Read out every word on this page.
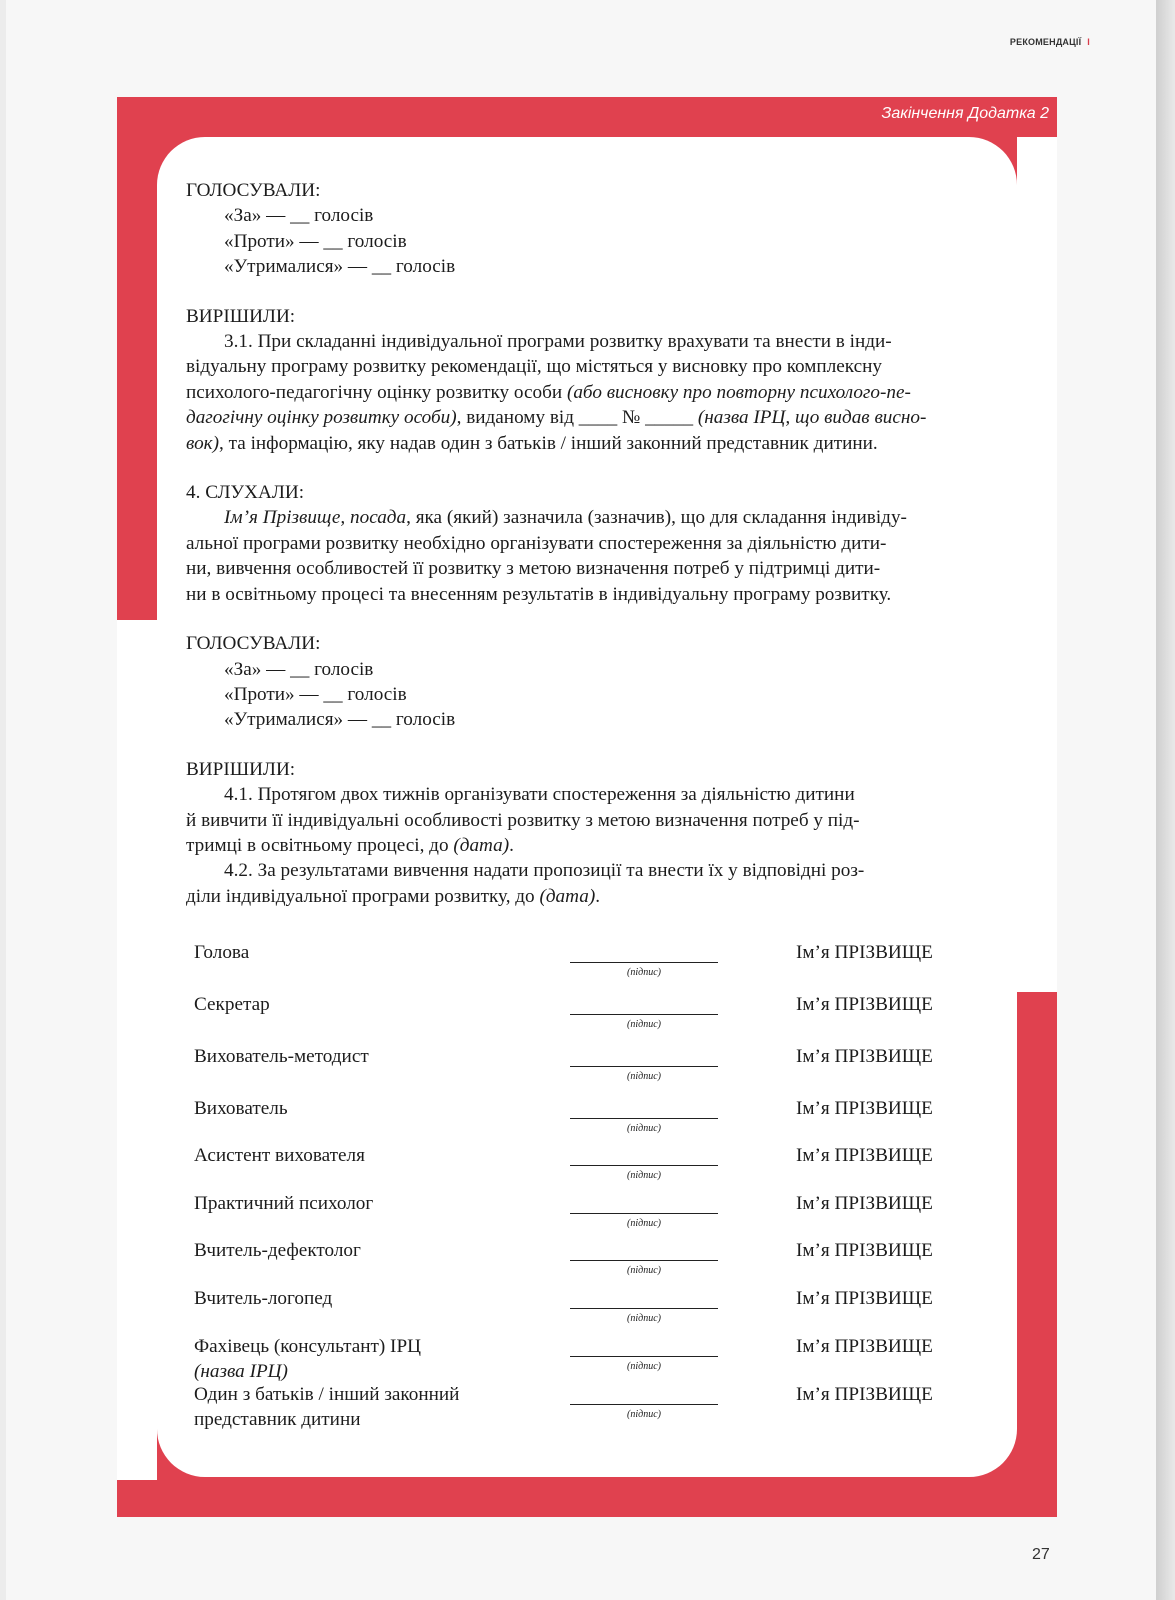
РЕКОМЕНДАЦІЇ I
Закінчення Додатка 2

ГОЛОСУВАЛИ:

«За» — __ голосів

«Проти» — __ голосів

«Утрималися» — __ голосів

ВИРІШИЛИ:

3.1. При складанні індивідуальної програми розвитку врахувати та внести в інди-

відуальну програму розвитку рекомендації, що містяться у висновку про комплексну

психолого-педагогічну оцінку розвитку особи (або висновку про повторну психолого-пе-

дагогічну оцінку розвитку особи), виданому від ____ № _____ (назва ІРЦ, що видав висно-

вок), та інформацію, яку надав один з батьків / інший законний представник дитини.

4. СЛУХАЛИ:

Ім’я Прізвище, посада, яка (який) зазначила (зазначив), що для складання індивіду-

альної програми розвитку необхідно організувати спостереження за діяльністю дити-

ни, вивчення особливостей її розвитку з метою визначення потреб у підтримці дити-

ни в освітньому процесі та внесенням результатів в індивідуальну програму розвитку.

ГОЛОСУВАЛИ:

«За» — __ голосів

«Проти» — __ голосів

«Утрималися» — __ голосів

ВИРІШИЛИ:

4.1. Протягом двох тижнів організувати спостереження за діяльністю дитини

й вивчити її індивідуальні особливості розвитку з метою визначення потреб у під-

тримці в освітньому процесі, до (дата).

4.2. За результатами вивчення надати пропозиції та внести їх у відповідні роз-

діли індивідуальної програми розвитку, до (дата).

Голова
(підпис)
Ім’я ПРІЗВИЩЕ
Секретар
(підпис)
Ім’я ПРІЗВИЩЕ
Вихователь-методист
(підпис)
Ім’я ПРІЗВИЩЕ
Вихователь
(підпис)
Ім’я ПРІЗВИЩЕ
Асистент вихователя
(підпис)
Ім’я ПРІЗВИЩЕ
Практичний психолог
(підпис)
Ім’я ПРІЗВИЩЕ
Вчитель-дефектолог
(підпис)
Ім’я ПРІЗВИЩЕ
Вчитель-логопед
(підпис)
Ім’я ПРІЗВИЩЕ
Фахівець (консультант) ІРЦ
(назва ІРЦ)	(підпис)
Ім’я ПРІЗВИЩЕ
Один з батьків / інший законний
представник дитини	(підпис)
Ім’я ПРІЗВИЩЕ
27
